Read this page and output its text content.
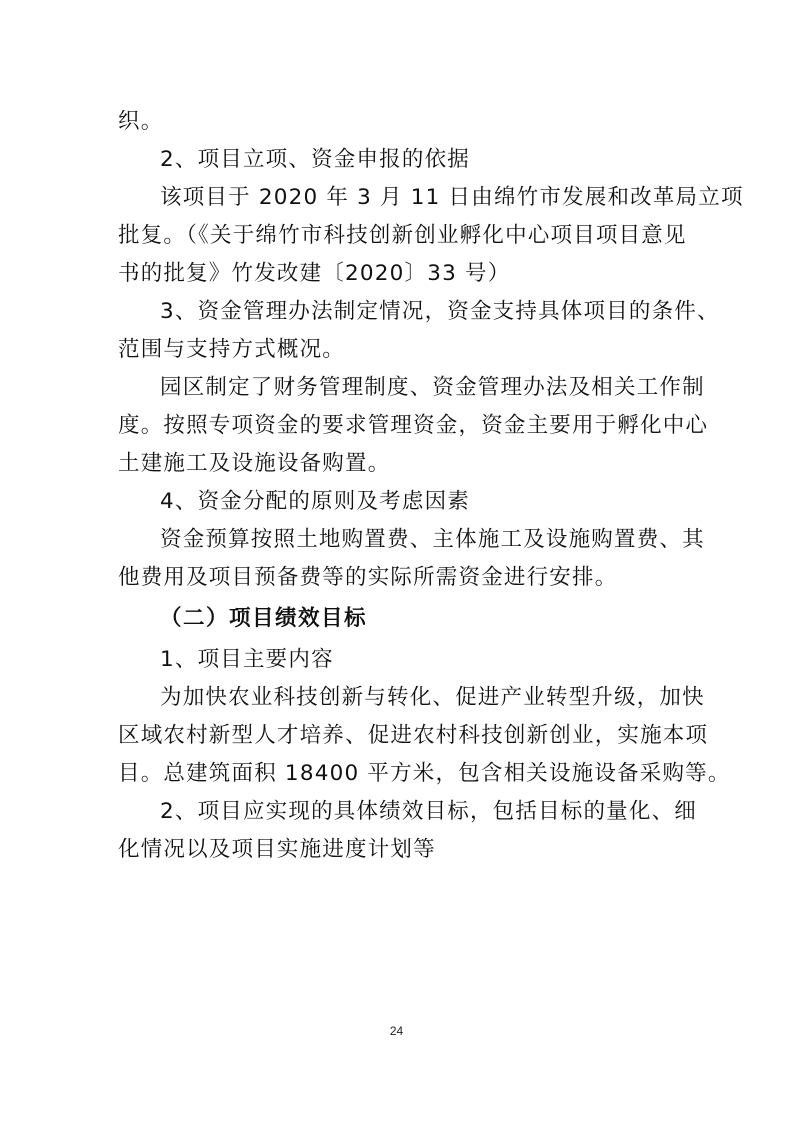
织。
2、项目立项、资金申报的依据
该项目于 2020 年 3 月 11 日由绵竹市发展和改革局立项
批复。（《关于绵竹市科技创新创业孵化中心项目项目意见
书的批复》竹发改建〔2020〕33 号）
3、资金管理办法制定情况，资金支持具体项目的条件、
范围与支持方式概况。
园区制定了财务管理制度、资金管理办法及相关工作制
度。按照专项资金的要求管理资金，资金主要用于孵化中心
土建施工及设施设备购置。
4、资金分配的原则及考虑因素
资金预算按照土地购置费、主体施工及设施购置费、其
他费用及项目预备费等的实际所需资金进行安排。
（二）项目绩效目标
1、项目主要内容
为加快农业科技创新与转化、促进产业转型升级，加快
区域农村新型人才培养、促进农村科技创新创业，实施本项
目。总建筑面积 18400 平方米，包含相关设施设备采购等。
2、项目应实现的具体绩效目标，包括目标的量化、细
化情况以及项目实施进度计划等
24
